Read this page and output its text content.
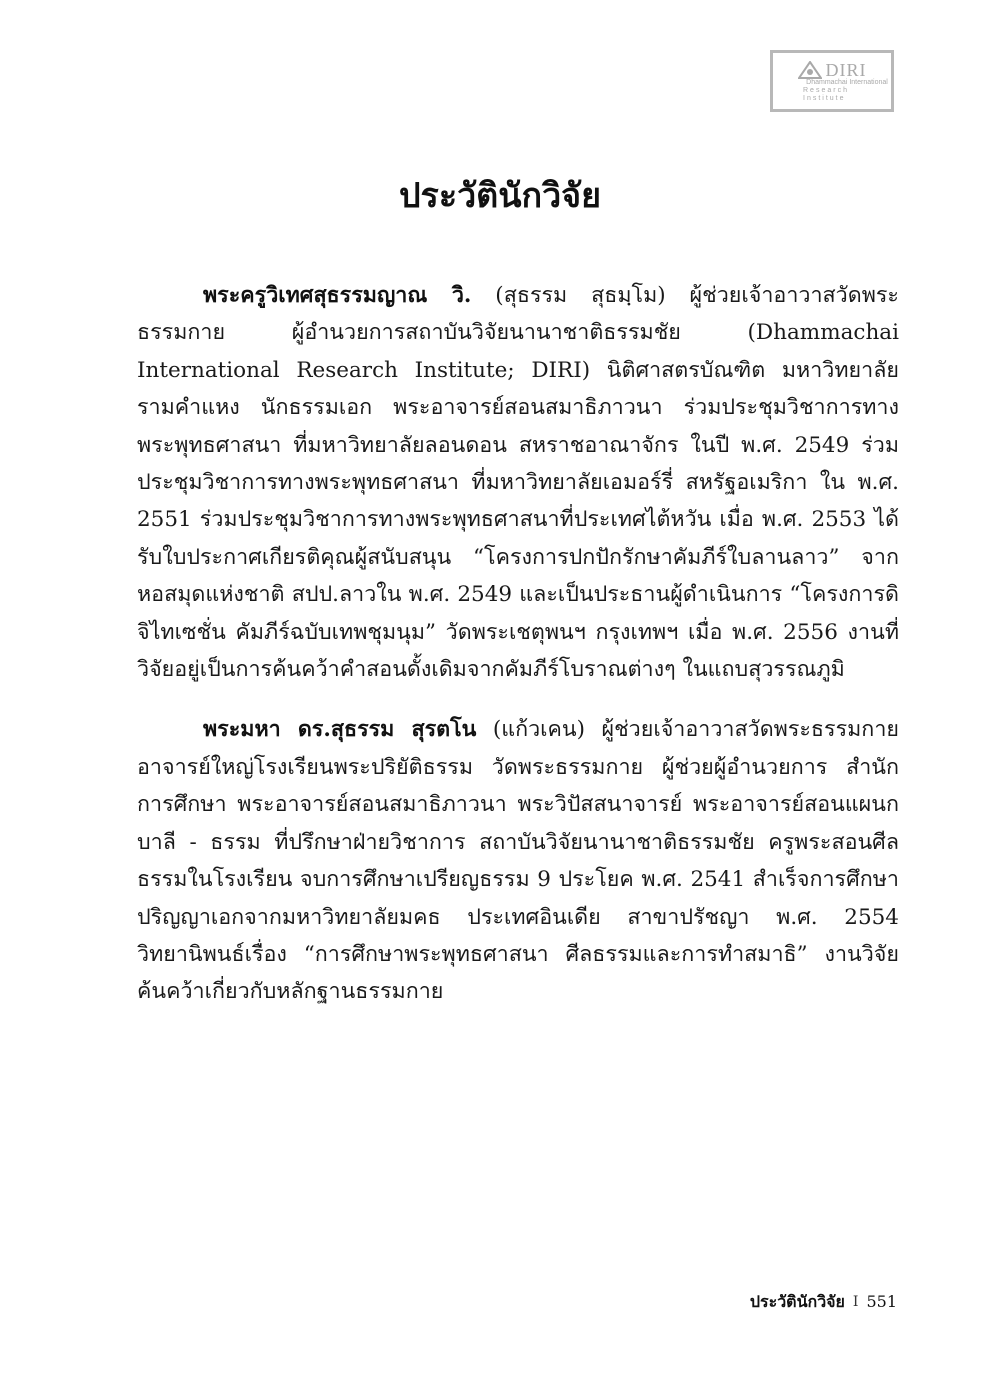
DIRI
Dhammachai International
Research Institute
ประวัตินักวิจัย

พระครูวิเทศสุธรรมญาณ วิ. (สุธรรม สุธมฺโม) ผู้ช่วยเจ้าอาวาสวัดพระธรรมกาย ผู้อำนวยการสถาบันวิจัยนานาชาติธรรมชัย (Dhammachai International Research Institute; DIRI) นิติศาสตรบัณฑิต มหาวิทยาลัยรามคำแหง นักธรรมเอก พระอาจารย์สอนสมาธิภาวนา ร่วมประชุมวิชาการทางพระพุทธศาสนา ที่มหาวิทยาลัยลอนดอน สหราชอาณาจักร ในปี พ.ศ. 2549 ร่วมประชุมวิชาการทางพระพุทธศาสนา ที่มหาวิทยาลัยเอมอร์รี่ สหรัฐอเมริกา ใน พ.ศ. 2551 ร่วมประชุมวิชาการทางพระพุทธศาสนาที่ประเทศไต้หวัน เมื่อ พ.ศ. 2553 ได้รับใบประกาศเกียรติคุณผู้สนับสนุน “โครงการปกปักรักษาคัมภีร์ใบลานลาว” จากหอสมุดแห่งชาติ สปป.ลาวใน พ.ศ. 2549 และเป็นประธานผู้ดำเนินการ “โครงการดิจิไทเซชั่น คัมภีร์ฉบับเทพชุมนุม” วัดพระเชตุพนฯ กรุงเทพฯ เมื่อ พ.ศ. 2556 งานที่วิจัยอยู่เป็นการค้นคว้าคำสอนดั้งเดิมจากคัมภีร์โบราณต่างๆ ในแถบสุวรรณภูมิ

พระมหา ดร.สุธรรม สุรตโน (แก้วเคน) ผู้ช่วยเจ้าอาวาสวัดพระธรรมกาย อาจารย์ใหญ่โรงเรียนพระปริยัติธรรม วัดพระธรรมกาย ผู้ช่วยผู้อำนวยการ สำนักการศึกษา พระอาจารย์สอนสมาธิภาวนา พระวิปัสสนาจารย์ พระอาจารย์สอนแผนกบาลี - ธรรม ที่ปรึกษาฝ่ายวิชาการ สถาบันวิจัยนานาชาติธรรมชัย ครูพระสอนศีลธรรมในโรงเรียน จบการศึกษาเปรียญธรรม 9 ประโยค พ.ศ. 2541 สำเร็จการศึกษาปริญญาเอกจากมหาวิทยาลัยมคธ ประเทศอินเดีย สาขาปรัชญา พ.ศ. 2554 วิทยานิพนธ์เรื่อง “การศึกษาพระพุทธศาสนา ศีลธรรมและการทำสมาธิ” งานวิจัยค้นคว้าเกี่ยวกับหลักฐานธรรมกาย

ประวัตินักวิจัย I 551
